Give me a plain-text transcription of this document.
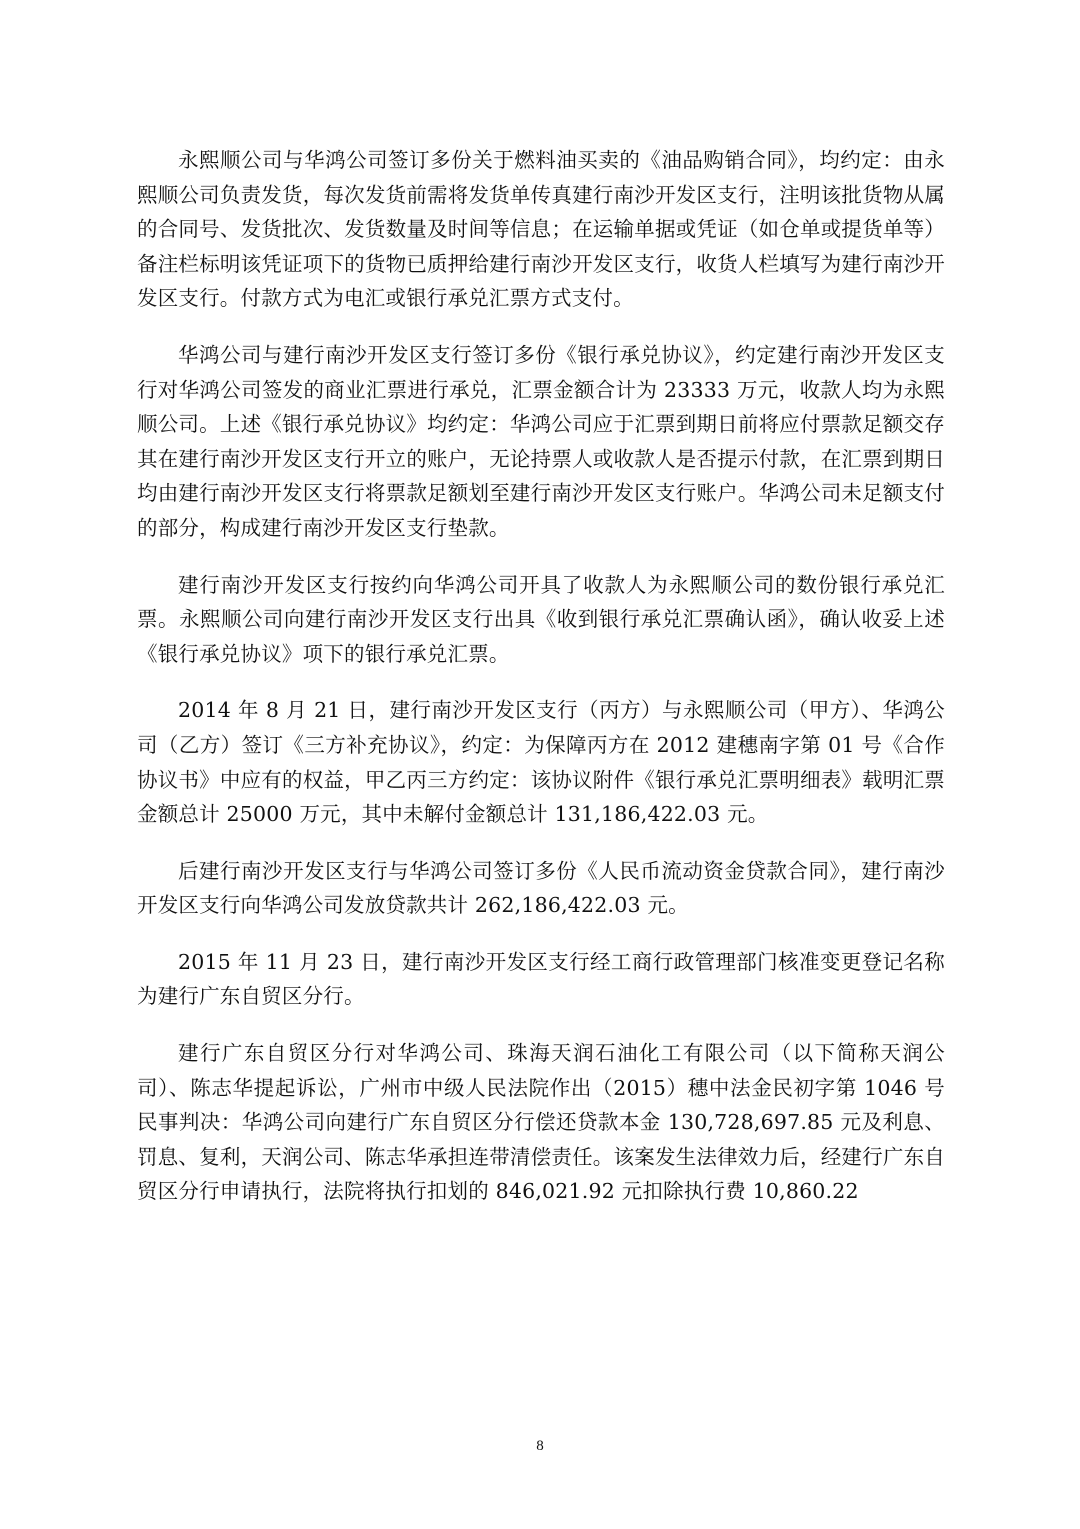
永熙顺公司与华鸿公司签订多份关于燃料油买卖的《油品购销合同》，均约定：由永熙顺公司负责发货，每次发货前需将发货单传真建行南沙开发区支行，注明该批货物从属的合同号、发货批次、发货数量及时间等信息；在运输单据或凭证（如仓单或提货单等）备注栏标明该凭证项下的货物已质押给建行南沙开发区支行，收货人栏填写为建行南沙开发区支行。付款方式为电汇或银行承兑汇票方式支付。

华鸿公司与建行南沙开发区支行签订多份《银行承兑协议》，约定建行南沙开发区支行对华鸿公司签发的商业汇票进行承兑，汇票金额合计为 23333 万元，收款人均为永熙顺公司。上述《银行承兑协议》均约定：华鸿公司应于汇票到期日前将应付票款足额交存其在建行南沙开发区支行开立的账户，无论持票人或收款人是否提示付款，在汇票到期日均由建行南沙开发区支行将票款足额划至建行南沙开发区支行账户。华鸿公司未足额支付的部分，构成建行南沙开发区支行垫款。

建行南沙开发区支行按约向华鸿公司开具了收款人为永熙顺公司的数份银行承兑汇票。永熙顺公司向建行南沙开发区支行出具《收到银行承兑汇票确认函》，确认收妥上述《银行承兑协议》项下的银行承兑汇票。

2014 年 8 月 21 日，建行南沙开发区支行（丙方）与永熙顺公司（甲方）、华鸿公司（乙方）签订《三方补充协议》，约定：为保障丙方在 2012 建穗南字第 01 号《合作协议书》中应有的权益，甲乙丙三方约定：该协议附件《银行承兑汇票明细表》载明汇票金额总计 25000 万元，其中未解付金额总计 131,186,422.03 元。

后建行南沙开发区支行与华鸿公司签订多份《人民币流动资金贷款合同》，建行南沙开发区支行向华鸿公司发放贷款共计 262,186,422.03 元。

2015 年 11 月 23 日，建行南沙开发区支行经工商行政管理部门核准变更登记名称为建行广东自贸区分行。

建行广东自贸区分行对华鸿公司、珠海天润石油化工有限公司（以下简称天润公司）、陈志华提起诉讼，广州市中级人民法院作出（2015）穗中法金民初字第 1046 号民事判决：华鸿公司向建行广东自贸区分行偿还贷款本金 130,728,697.85 元及利息、罚息、复利，天润公司、陈志华承担连带清偿责任。该案发生法律效力后，经建行广东自贸区分行申请执行，法院将执行扣划的 846,021.92 元扣除执行费 10,860.22

8
